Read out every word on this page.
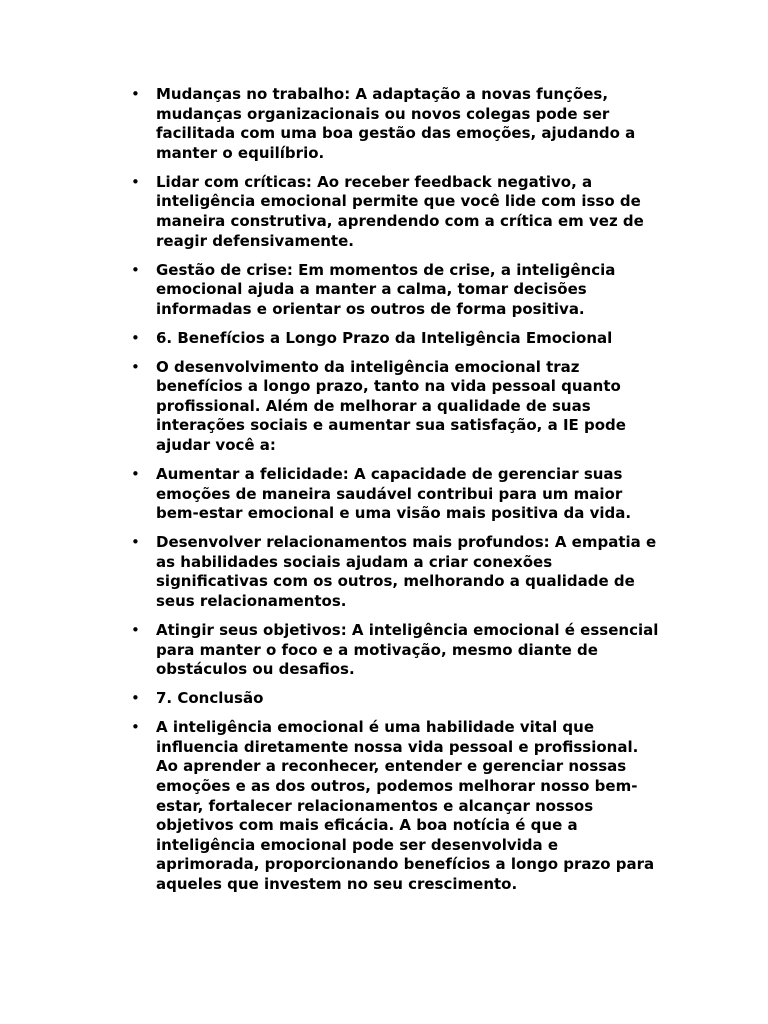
• Mudanças no trabalho: A adaptação a novas funções, mudanças organizacionais ou novos colegas pode ser facilitada com uma boa gestão das emoções, ajudando a manter o equilíbrio.
• Lidar com críticas: Ao receber feedback negativo, a inteligência emocional permite que você lide com isso de maneira construtiva, aprendendo com a crítica em vez de reagir defensivamente.
• Gestão de crise: Em momentos de crise, a inteligência emocional ajuda a manter a calma, tomar decisões informadas e orientar os outros de forma positiva.
• 6. Benefícios a Longo Prazo da Inteligência Emocional
• O desenvolvimento da inteligência emocional traz benefícios a longo prazo, tanto na vida pessoal quanto profissional. Além de melhorar a qualidade de suas interações sociais e aumentar sua satisfação, a IE pode ajudar você a:
• Aumentar a felicidade: A capacidade de gerenciar suas emoções de maneira saudável contribui para um maior bem-estar emocional e uma visão mais positiva da vida.
• Desenvolver relacionamentos mais profundos: A empatia e as habilidades sociais ajudam a criar conexões significativas com os outros, melhorando a qualidade de seus relacionamentos.
• Atingir seus objetivos: A inteligência emocional é essencial para manter o foco e a motivação, mesmo diante de obstáculos ou desafios.
• 7. Conclusão
• A inteligência emocional é uma habilidade vital que influencia diretamente nossa vida pessoal e profissional. Ao aprender a reconhecer, entender e gerenciar nossas emoções e as dos outros, podemos melhorar nosso bem-estar, fortalecer relacionamentos e alcançar nossos objetivos com mais eficácia. A boa notícia é que a inteligência emocional pode ser desenvolvida e aprimorada, proporcionando benefícios a longo prazo para aqueles que investem no seu crescimento.
